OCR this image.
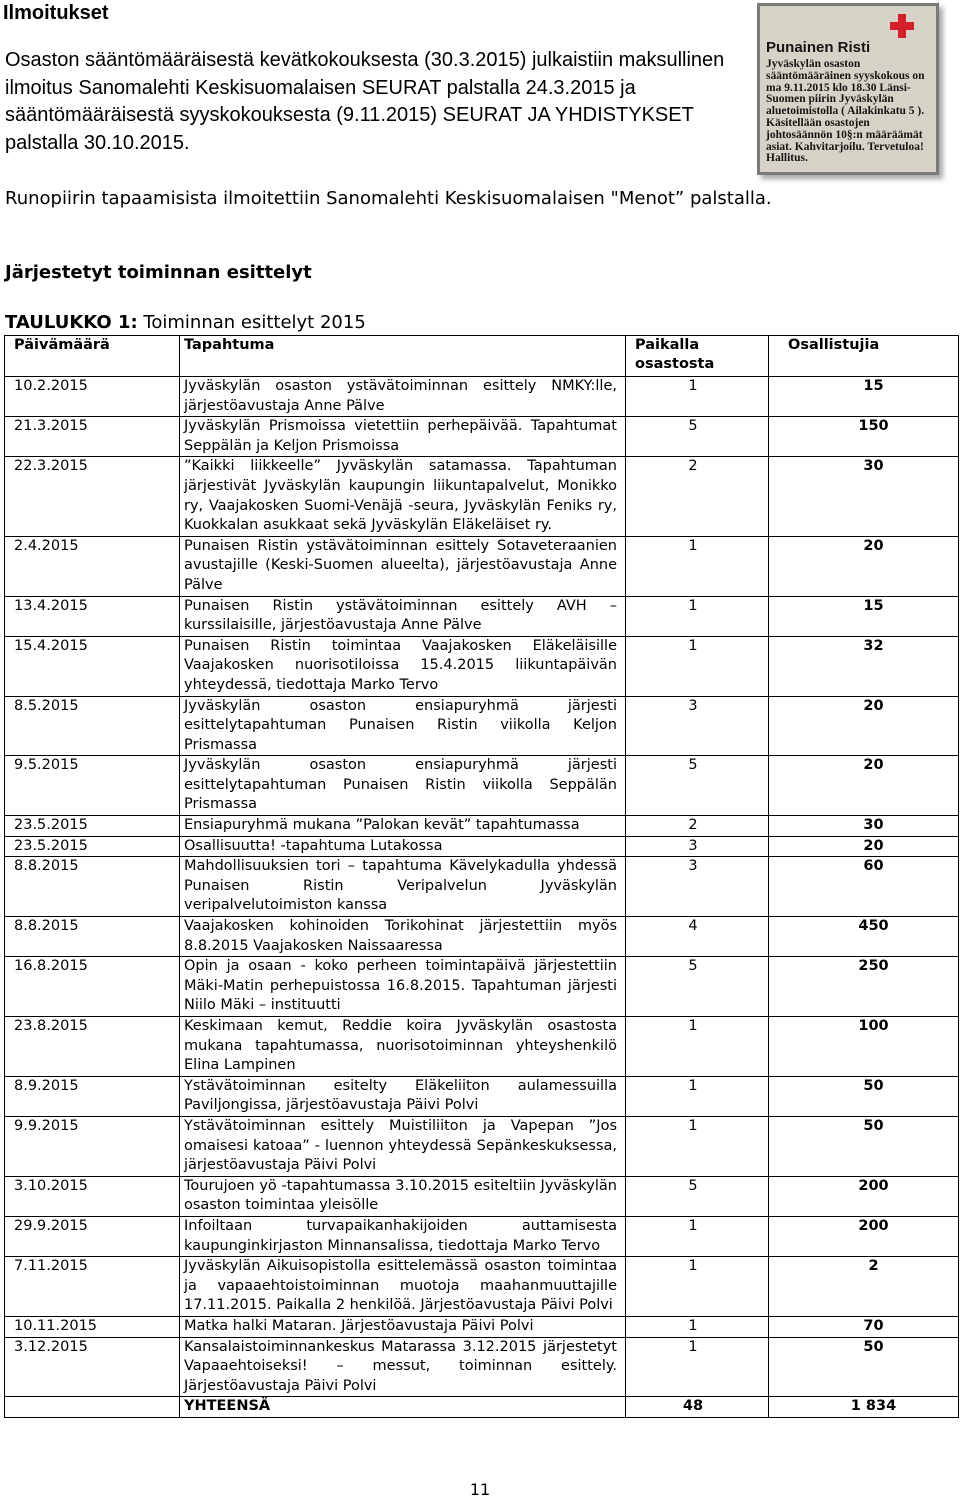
Ilmoitukset

Osaston sääntömääräisestä kevätkokouksesta (30.3.2015) julkaistiin maksullinen ilmoitus Sanomalehti Keskisuomalaisen SEURAT palstalla 24.3.2015 ja sääntömääräisestä syyskokouksesta (9.11.2015) SEURAT JA YHDISTYKSET palstalla 30.10.2015.

Punainen Risti
Jyväskylän osaston sääntömääräinen syyskokous on ma 9.11.2015 klo 18.30 Länsi-Suomen piirin Jyväskylän aluetoimistolla ( Ailakinkatu 5 ). Käsitellään osastojen johtosäännön 10§:n määräämät asiat. Kahvitarjoilu. Tervetuloa! Hallitus.

Runopiirin tapaamisista ilmoitettiin Sanomalehti Keskisuomalaisen "Menot” palstalla.

Järjestetyt toiminnan esittelyt

TAULUKKO 1: Toiminnan esittelyt 2015

Päivämäärä	Tapahtuma	Paikalla osastosta	Osallistujia
10.2.2015	Jyväskylän osaston ystävätoiminnan esittely NMKY:lle, järjestöavustaja Anne Pälve	1	15
21.3.2015	Jyväskylän Prismoissa vietettiin perhepäivää. Tapahtumat Seppälän ja Keljon Prismoissa	5	150
22.3.2015	”Kaikki liikkeelle” Jyväskylän satamassa. Tapahtuman järjestivät Jyväskylän kaupungin liikuntapalvelut, Monikko ry, Vaajakosken Suomi-Venäjä -seura, Jyväskylän Feniks ry, Kuokkalan asukkaat sekä Jyväskylän Eläkeläiset ry.	2	30
2.4.2015	Punaisen Ristin ystävätoiminnan esittely Sotaveteraanien avustajille (Keski-Suomen alueelta), järjestöavustaja Anne Pälve	1	20
13.4.2015	Punaisen Ristin ystävätoiminnan esittely AVH – kurssilaisille, järjestöavustaja Anne Pälve	1	15
15.4.2015	Punaisen Ristin toimintaa Vaajakosken Eläkeläisille Vaajakosken nuorisotiloissa 15.4.2015 liikuntapäivän yhteydessä, tiedottaja Marko Tervo	1	32
8.5.2015	Jyväskylän osaston ensiapuryhmä järjesti esittelytapahtuman Punaisen Ristin viikolla Keljon Prismassa	3	20
9.5.2015	Jyväskylän osaston ensiapuryhmä järjesti esittelytapahtuman Punaisen Ristin viikolla Seppälän Prismassa	5	20
23.5.2015	Ensiapuryhmä mukana ”Palokan kevät” tapahtumassa	2	30
23.5.2015	Osallisuutta! -tapahtuma Lutakossa	3	20
8.8.2015	Mahdollisuuksien tori – tapahtuma Kävelykadulla yhdessä Punaisen Ristin Veripalvelun Jyväskylän veripalvelutoimiston kanssa	3	60
8.8.2015	Vaajakosken kohinoiden Torikohinat järjestettiin myös 8.8.2015 Vaajakosken Naissaaressa	4	450
16.8.2015	Opin ja osaan - koko perheen toimintapäivä järjestettiin Mäki-Matin perhepuistossa 16.8.2015. Tapahtuman järjesti Niilo Mäki – instituutti	5	250
23.8.2015	Keskimaan kemut, Reddie koira Jyväskylän osastosta mukana tapahtumassa, nuorisotoiminnan yhteyshenkilö Elina Lampinen	1	100
8.9.2015	Ystävätoiminnan esitelty Eläkeliiton aulamessuilla Paviljongissa, järjestöavustaja Päivi Polvi	1	50
9.9.2015	Ystävätoiminnan esittely Muistiliiton ja Vapepan ”Jos omaisesi katoaa” - luennon yhteydessä Sepänkeskuksessa, järjestöavustaja Päivi Polvi	1	50
3.10.2015	Tourujoen yö -tapahtumassa 3.10.2015 esiteltiin Jyväskylän osaston toimintaa yleisölle	5	200
29.9.2015	Infoiltaan turvapaikanhakijoiden auttamisesta kaupunginkirjaston Minnansalissa, tiedottaja Marko Tervo	1	200
7.11.2015	Jyväskylän Aikuisopistolla esittelemässä osaston toimintaa ja vapaaehtoistoiminnan muotoja maahanmuuttajille 17.11.2015. Paikalla 2 henkilöä. Järjestöavustaja Päivi Polvi	1	2
10.11.2015	Matka halki Mataran. Järjestöavustaja Päivi Polvi	1	70
3.12.2015	Kansalaistoiminnankeskus Matarassa 3.12.2015 järjestetyt Vapaaehtoiseksi! – messut, toiminnan esittely. Järjestöavustaja Päivi Polvi	1	50
	YHTEENSÄ	48	1 834

11
